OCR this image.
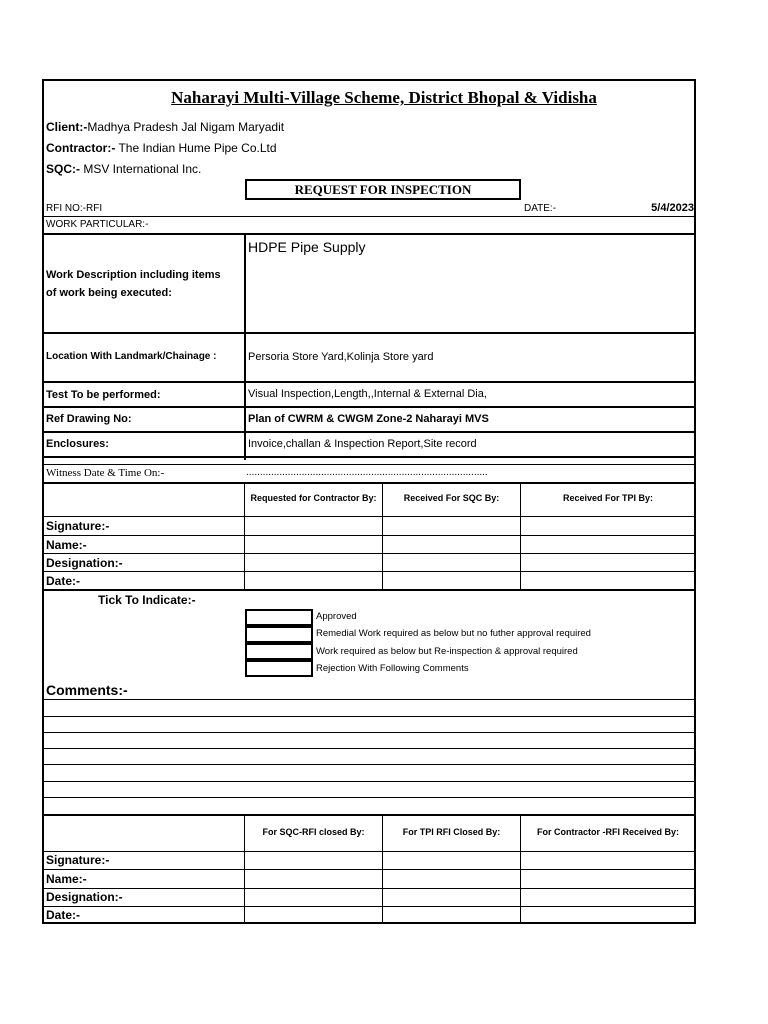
Naharayi Multi-Village Scheme, District Bhopal & Vidisha
Client:-Madhya Pradesh Jal Nigam Maryadit
Contractor:- The Indian Hume Pipe Co.Ltd
SQC:- MSV International Inc.
REQUEST FOR INSPECTION
RFI NO:-RFI	DATE:-	5/4/2023
WORK PARTICULAR:-
Work Description including items
of work being executed:
HDPE Pipe Supply
Location With Landmark/Chainage :	Persoria Store Yard,Kolinja Store yard
Test To be performed:	Visual Inspection,Length,,Internal & External Dia,
Ref Drawing No:	Plan of CWRM & CWGM Zone-2 Naharayi MVS
Enclosures:	Invoice,challan & Inspection Report,Site record
Witness Date & Time On:-	.......................................................................................
Requested for Contractor By:	Received For SQC By:	Received For TPI By:
Signature:-
Name:-
Designation:-
Date:-
Tick To Indicate:-
Approved
Remedial Work required as below but no futher approval required
Work required as below but Re-inspection & approval required
Rejection With Following Comments
Comments:-
For SQC-RFI closed By:	For TPI RFI Closed By:	For Contractor -RFI Received By:
Signature:-
Name:-
Designation:-
Date:-
